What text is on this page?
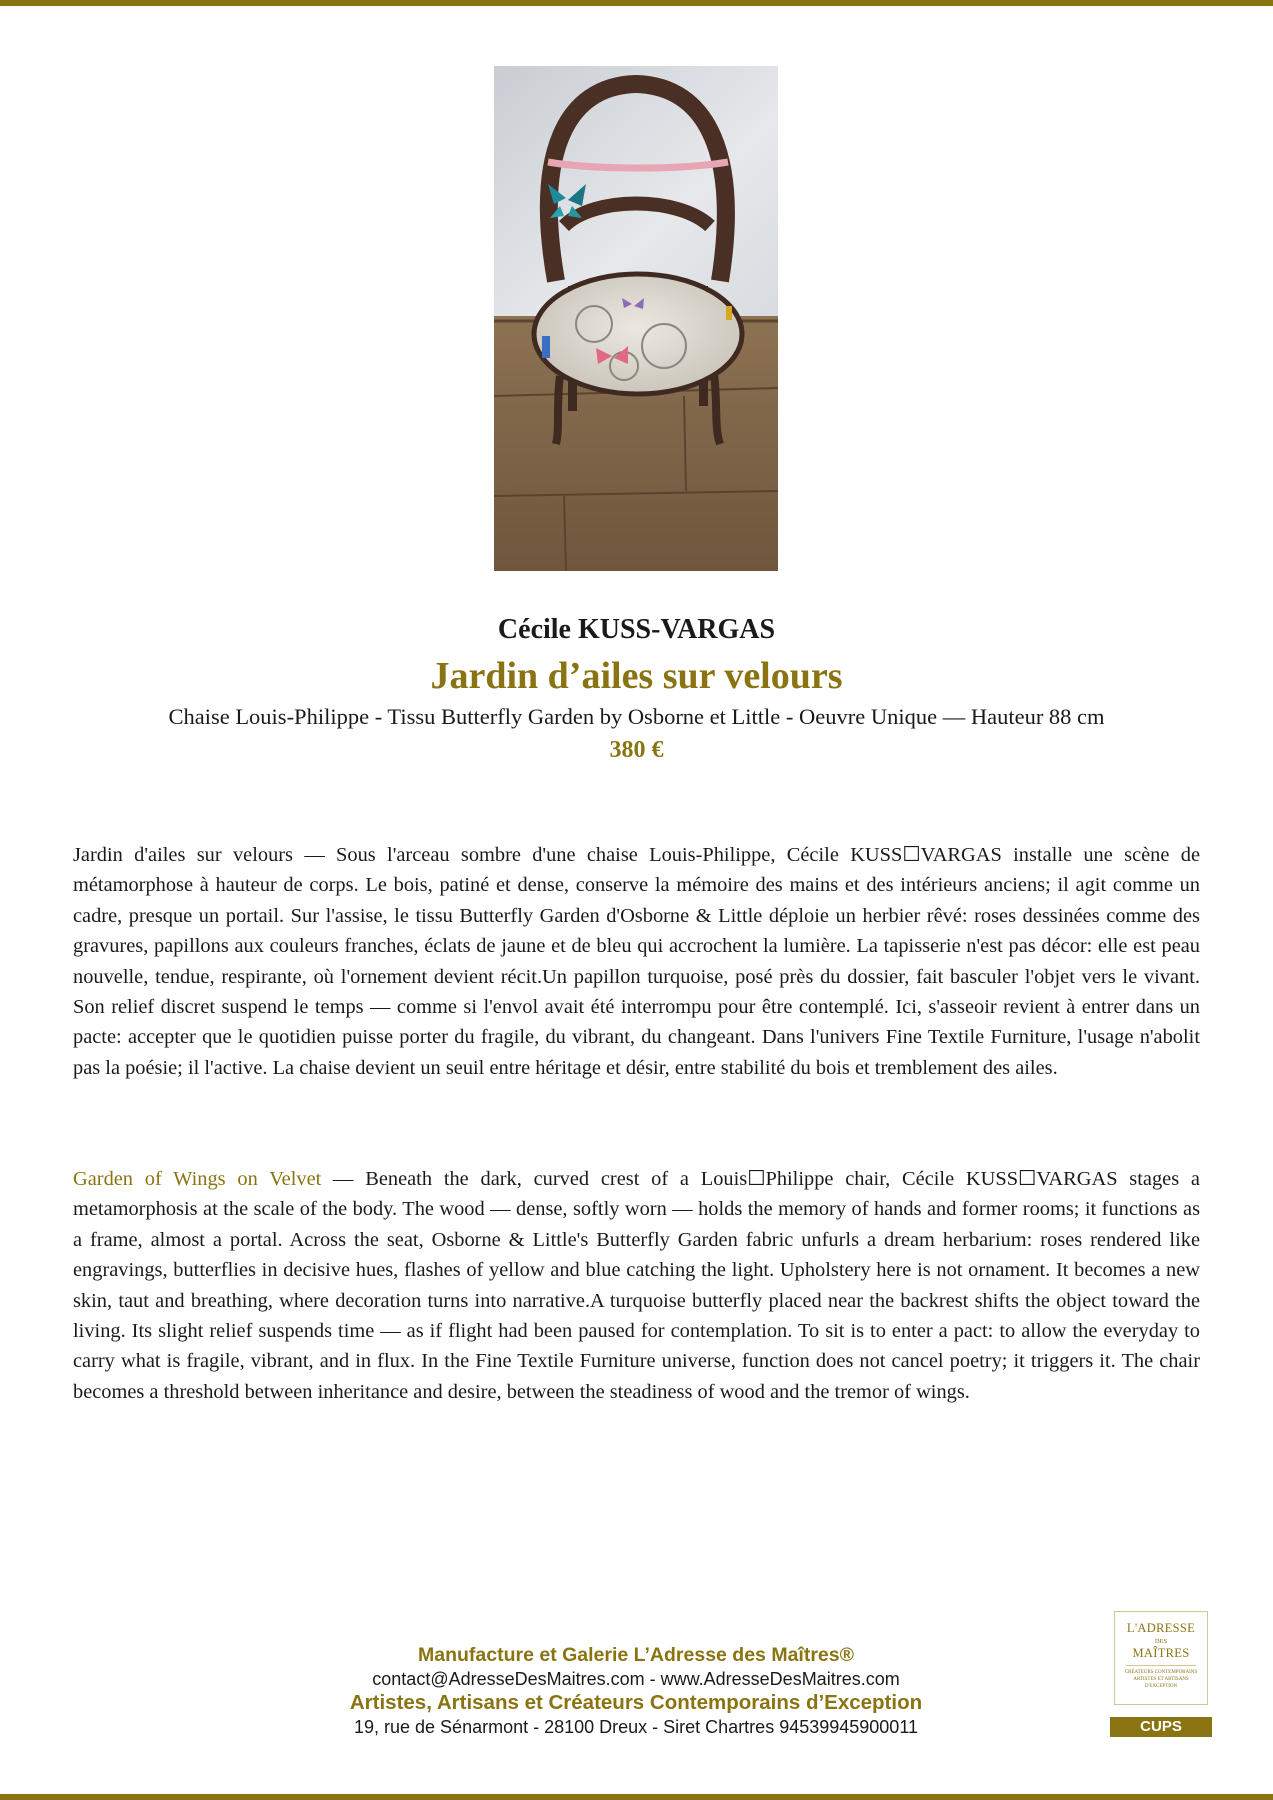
Cécile KUSS-VARGAS
Jardin d’ailes sur velours
Chaise Louis-Philippe - Tissu Butterfly Garden by Osborne et Little - Oeuvre Unique — Hauteur 88 cm
380 €

Jardin d'ailes sur velours — Sous l'arceau sombre d'une chaise Louis-Philippe, Cécile KUSS☐VARGAS installe une scène de métamorphose à hauteur de corps. Le bois, patiné et dense, conserve la mémoire des mains et des intérieurs anciens; il agit comme un cadre, presque un portail. Sur l'assise, le tissu Butterfly Garden d'Osborne & Little déploie un herbier rêvé: roses dessinées comme des gravures, papillons aux couleurs franches, éclats de jaune et de bleu qui accrochent la lumière. La tapisserie n'est pas décor: elle est peau nouvelle, tendue, respirante, où l'ornement devient récit.Un papillon turquoise, posé près du dossier, fait basculer l'objet vers le vivant. Son relief discret suspend le temps — comme si l'envol avait été interrompu pour être contemplé. Ici, s'asseoir revient à entrer dans un pacte: accepter que le quotidien puisse porter du fragile, du vibrant, du changeant. Dans l'univers Fine Textile Furniture, l'usage n'abolit pas la poésie; il l'active. La chaise devient un seuil entre héritage et désir, entre stabilité du bois et tremblement des ailes.

Garden of Wings on Velvet — Beneath the dark, curved crest of a Louis☐Philippe chair, Cécile KUSS☐VARGAS stages a metamorphosis at the scale of the body. The wood — dense, softly worn — holds the memory of hands and former rooms; it functions as a frame, almost a portal. Across the seat, Osborne & Little's Butterfly Garden fabric unfurls a dream herbarium: roses rendered like engravings, butterflies in decisive hues, flashes of yellow and blue catching the light. Upholstery here is not ornament. It becomes a new skin, taut and breathing, where decoration turns into narrative.A turquoise butterfly placed near the backrest shifts the object toward the living. Its slight relief suspends time — as if flight had been paused for contemplation. To sit is to enter a pact: to allow the everyday to carry what is fragile, vibrant, and in flux. In the Fine Textile Furniture universe, function does not cancel poetry; it triggers it. The chair becomes a threshold between inheritance and desire, between the steadiness of wood and the tremor of wings.

Manufacture et Galerie L’Adresse des Maîtres®
contact@AdresseDesMaitres.com - www.AdresseDesMaitres.com
Artistes, Artisans et Créateurs Contemporains d’Exception
19, rue de Sénarmont - 28100 Dreux - Siret Chartres 94539945900011
L'ADRESSE
DES
MAÎTRES
CRÉATEURS CONTEMPORAINS ARTISTES ET ARTISANS D'EXCEPTION
CUPS
